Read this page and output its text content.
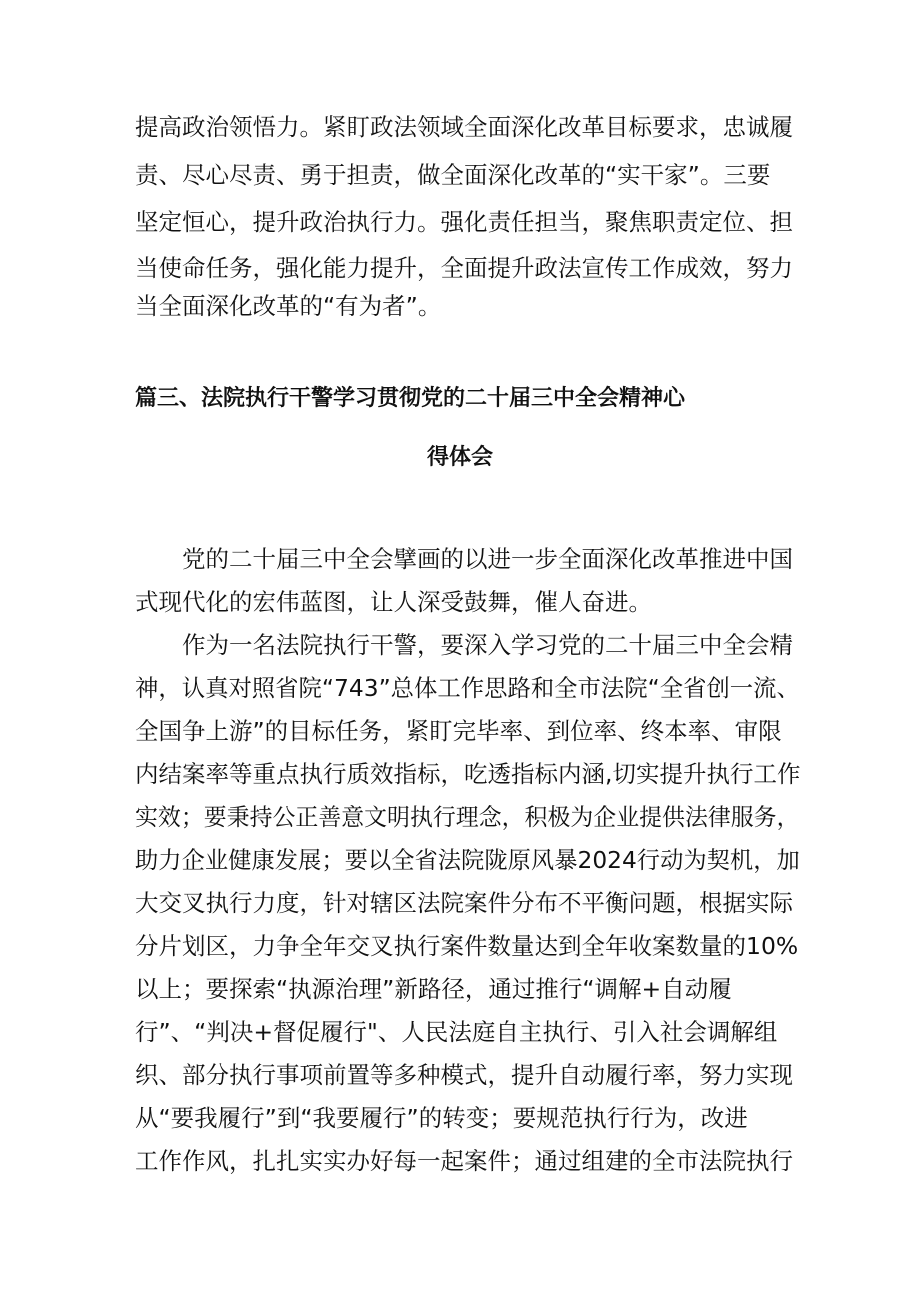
提高政治领悟力。紧盯政法领域全面深化改革目标要求，忠诚履
责、尽心尽责、勇于担责，做全面深化改革的“实干家”。三要
坚定恒心，提升政治执行力。强化责任担当，聚焦职责定位、担
当使命任务，强化能力提升，全面提升政法宣传工作成效，努力
当全面深化改革的“有为者”。
篇三、法院执行干警学习贯彻党的二十届三中全会精神心
得体会
党的二十届三中全会擘画的以进一步全面深化改革推进中国
式现代化的宏伟蓝图，让人深受鼓舞，催人奋进。
作为一名法院执行干警，要深入学习党的二十届三中全会精
神，认真对照省院“743”总体工作思路和全市法院“全省创一流、
全国争上游”的目标任务，紧盯完毕率、到位率、终本率、审限
内结案率等重点执行质效指标，吃透指标内涵,切实提升执行工作
实效；要秉持公正善意文明执行理念，积极为企业提供法律服务，
助力企业健康发展；要以全省法院陇原风暴2024行动为契机，加
大交叉执行力度，针对辖区法院案件分布不平衡问题，根据实际
分片划区，力争全年交叉执行案件数量达到全年收案数量的10%
以上；要探索“执源治理”新路径，通过推行“调解+自动履
行”、“判决+督促履行"、人民法庭自主执行、引入社会调解组
织、部分执行事项前置等多种模式，提升自动履行率，努力实现
从“要我履行”到“我要履行”的转变；要规范执行行为，改进
工作作风，扎扎实实办好每一起案件；通过组建的全市法院执行
